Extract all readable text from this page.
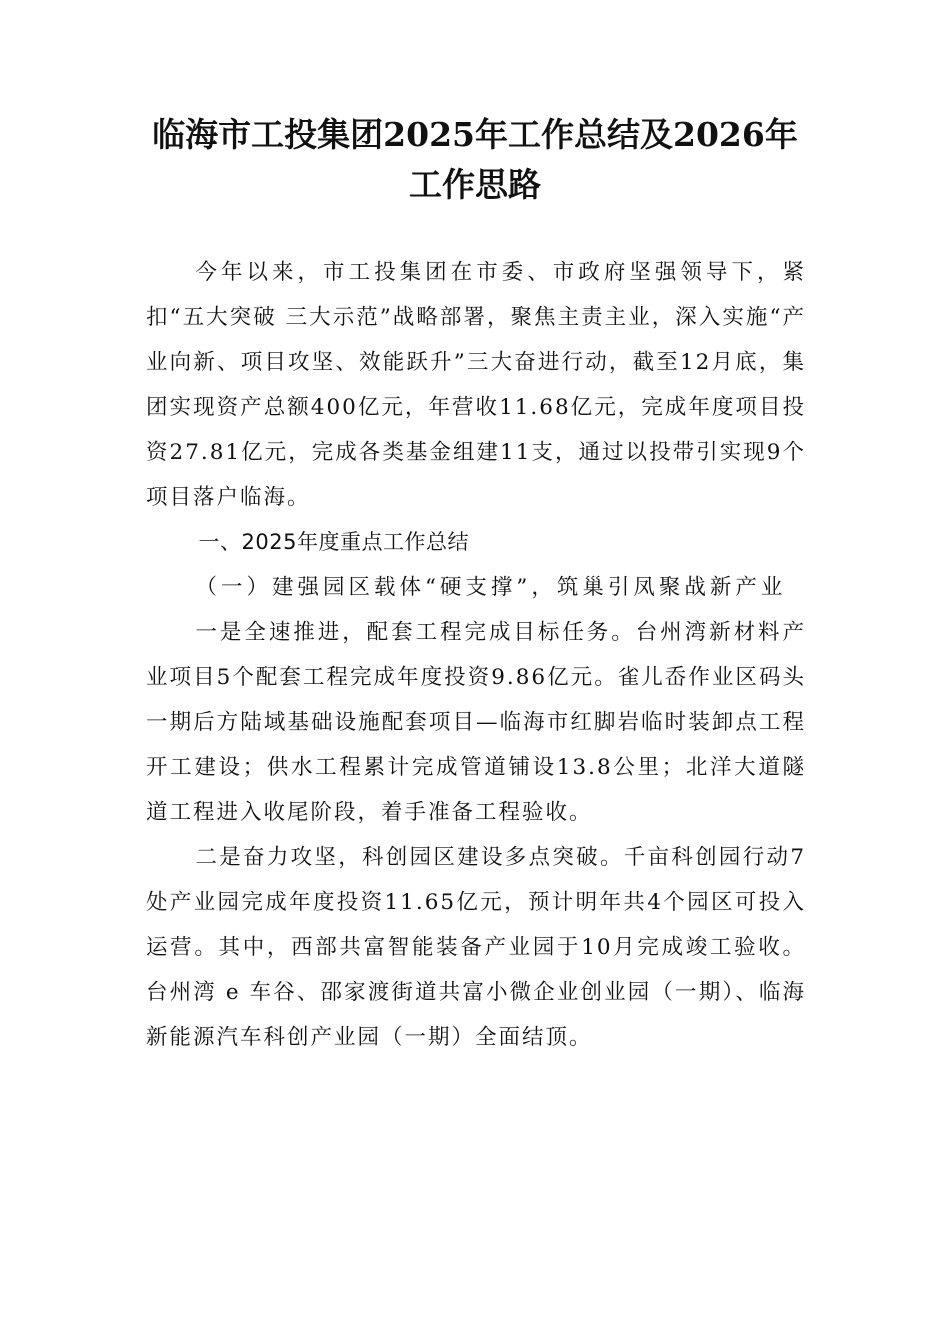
临海市工投集团2025年工作总结及2026年
工作思路

今年以来，市工投集团在市委、市政府坚强领导下，紧扣“五大突破 三大示范”战略部署，聚焦主责主业，深入实施“产业向新、项目攻坚、效能跃升”三大奋进行动，截至12月底，集团实现资产总额400亿元，年营收11.68亿元，完成年度项目投资27.81亿元，完成各类基金组建11支，通过以投带引实现9个项目落户临海。

一、2025年度重点工作总结

（一）建强园区载体“硬支撑”，筑巢引凤聚战新产业

一是全速推进，配套工程完成目标任务。台州湾新材料产业项目5个配套工程完成年度投资9.86亿元。雀儿岙作业区码头一期后方陆域基础设施配套项目—临海市红脚岩临时装卸点工程开工建设；供水工程累计完成管道铺设13.8公里；北洋大道隧道工程进入收尾阶段，着手准备工程验收。

二是奋力攻坚，科创园区建设多点突破。千亩科创园行动7处产业园完成年度投资11.65亿元，预计明年共4个园区可投入运营。其中，西部共富智能装备产业园于10月完成竣工验收。台州湾 e 车谷、邵家渡街道共富小微企业创业园（一期）、临海新能源汽车科创产业园（一期）全面结顶。
